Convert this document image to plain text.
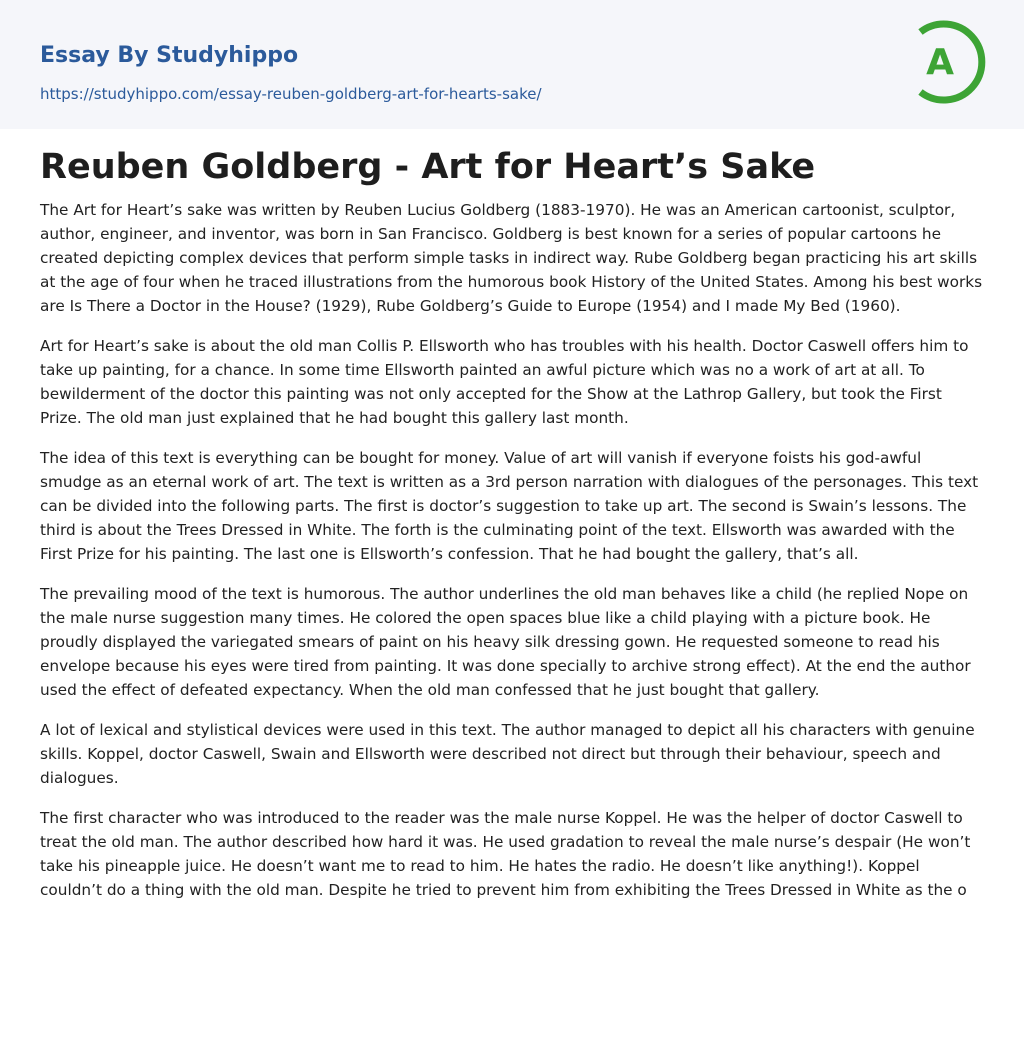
Essay By Studyhippo
https://studyhippo.com/essay-reuben-goldberg-art-for-hearts-sake/
A
Reuben Goldberg - Art for Heart’s Sake

The Art for Heart’s sake was written by Reuben Lucius Goldberg (1883-1970). He was an American cartoonist, sculptor, author, engineer, and inventor, was born in San Francisco. Goldberg is best known for a series of popular cartoons he created depicting complex devices that perform simple tasks in indirect way. Rube Goldberg began practicing his art skills at the age of four when he traced illustrations from the humorous book History of the United States. Among his best works are Is There a Doctor in the House? (1929), Rube Goldberg’s Guide to Europe (1954) and I made My Bed (1960).

Art for Heart’s sake is about the old man Collis P. Ellsworth who has troubles with his health. Doctor Caswell offers him to take up painting, for a chance. In some time Ellsworth painted an awful picture which was no a work of art at all. To bewilderment of the doctor this painting was not only accepted for the Show at the Lathrop Gallery, but took the First Prize. The old man just explained that he had bought this gallery last month.

The idea of this text is everything can be bought for money. Value of art will vanish if everyone foists his god-awful smudge as an eternal work of art. The text is written as a 3rd person narration with dialogues of the personages. This text can be divided into the following parts. The first is doctor’s suggestion to take up art. The second is Swain’s lessons. The third is about the Trees Dressed in White. The forth is the culminating point of the text. Ellsworth was awarded with the First Prize for his painting. The last one is Ellsworth’s confession. That he had bought the gallery, that’s all.

The prevailing mood of the text is humorous. The author underlines the old man behaves like a child (he replied Nope on the male nurse suggestion many times. He colored the open spaces blue like a child playing with a picture book. He proudly displayed the variegated smears of paint on his heavy silk dressing gown. He requested someone to read his envelope because his eyes were tired from painting. It was done specially to archive strong effect). At the end the author used the effect of defeated expectancy. When the old man confessed that he just bought that gallery.

A lot of lexical and stylistical devices were used in this text. The author managed to depict all his characters with genuine skills. Koppel, doctor Caswell, Swain and Ellsworth were described not direct but through their behaviour, speech and dialogues.

The first character who was introduced to the reader was the male nurse Koppel. He was the helper of doctor Caswell to treat the old man. The author described how hard it was. He used gradation to reveal the male nurse’s despair (He won’t take his pineapple juice. He doesn’t want me to read to him. He hates the radio. He doesn’t like anything!). Koppel couldn’t do a thing with the old man. Despite he tried to prevent him from exhibiting the Trees Dressed in White as the o
